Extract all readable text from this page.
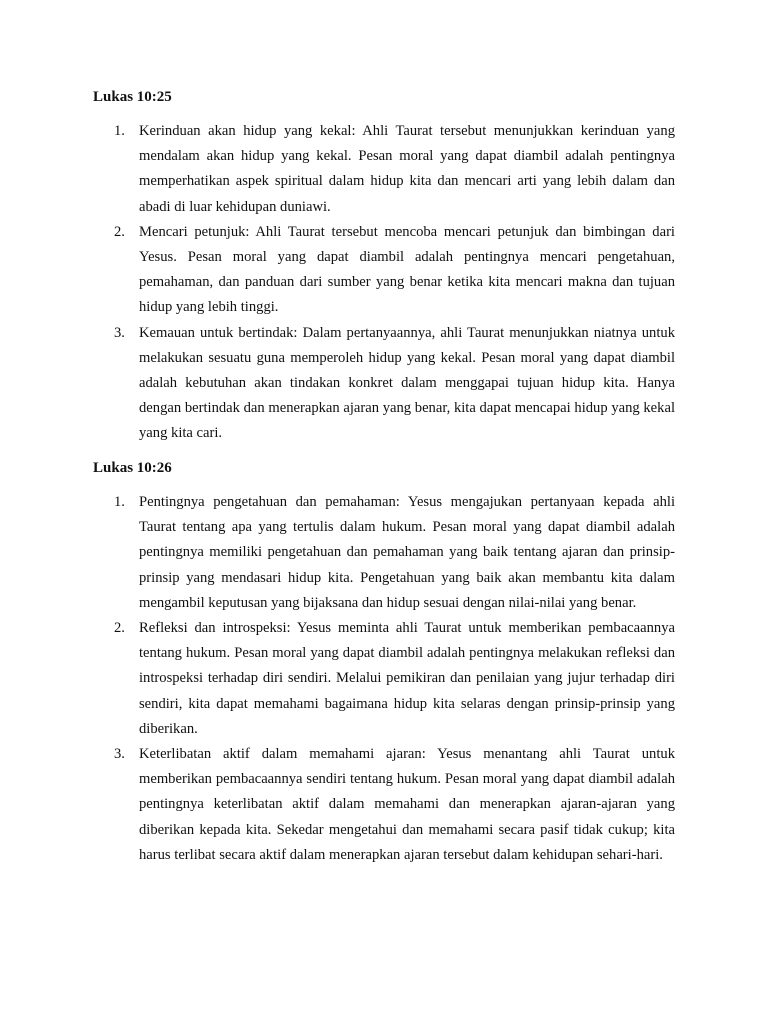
Lukas 10:25
1. Kerinduan akan hidup yang kekal: Ahli Taurat tersebut menunjukkan kerinduan yang mendalam akan hidup yang kekal. Pesan moral yang dapat diambil adalah pentingnya memperhatikan aspek spiritual dalam hidup kita dan mencari arti yang lebih dalam dan abadi di luar kehidupan duniawi.
2. Mencari petunjuk: Ahli Taurat tersebut mencoba mencari petunjuk dan bimbingan dari Yesus. Pesan moral yang dapat diambil adalah pentingnya mencari pengetahuan, pemahaman, dan panduan dari sumber yang benar ketika kita mencari makna dan tujuan hidup yang lebih tinggi.
3. Kemauan untuk bertindak: Dalam pertanyaannya, ahli Taurat menunjukkan niatnya untuk melakukan sesuatu guna memperoleh hidup yang kekal. Pesan moral yang dapat diambil adalah kebutuhan akan tindakan konkret dalam menggapai tujuan hidup kita. Hanya dengan bertindak dan menerapkan ajaran yang benar, kita dapat mencapai hidup yang kekal yang kita cari.
Lukas 10:26
1. Pentingnya pengetahuan dan pemahaman: Yesus mengajukan pertanyaan kepada ahli Taurat tentang apa yang tertulis dalam hukum. Pesan moral yang dapat diambil adalah pentingnya memiliki pengetahuan dan pemahaman yang baik tentang ajaran dan prinsip-prinsip yang mendasari hidup kita. Pengetahuan yang baik akan membantu kita dalam mengambil keputusan yang bijaksana dan hidup sesuai dengan nilai-nilai yang benar.
2. Refleksi dan introspeksi: Yesus meminta ahli Taurat untuk memberikan pembacaannya tentang hukum. Pesan moral yang dapat diambil adalah pentingnya melakukan refleksi dan introspeksi terhadap diri sendiri. Melalui pemikiran dan penilaian yang jujur terhadap diri sendiri, kita dapat memahami bagaimana hidup kita selaras dengan prinsip-prinsip yang diberikan.
3. Keterlibatan aktif dalam memahami ajaran: Yesus menantang ahli Taurat untuk memberikan pembacaannya sendiri tentang hukum. Pesan moral yang dapat diambil adalah pentingnya keterlibatan aktif dalam memahami dan menerapkan ajaran-ajaran yang diberikan kepada kita. Sekedar mengetahui dan memahami secara pasif tidak cukup; kita harus terlibat secara aktif dalam menerapkan ajaran tersebut dalam kehidupan sehari-hari.
